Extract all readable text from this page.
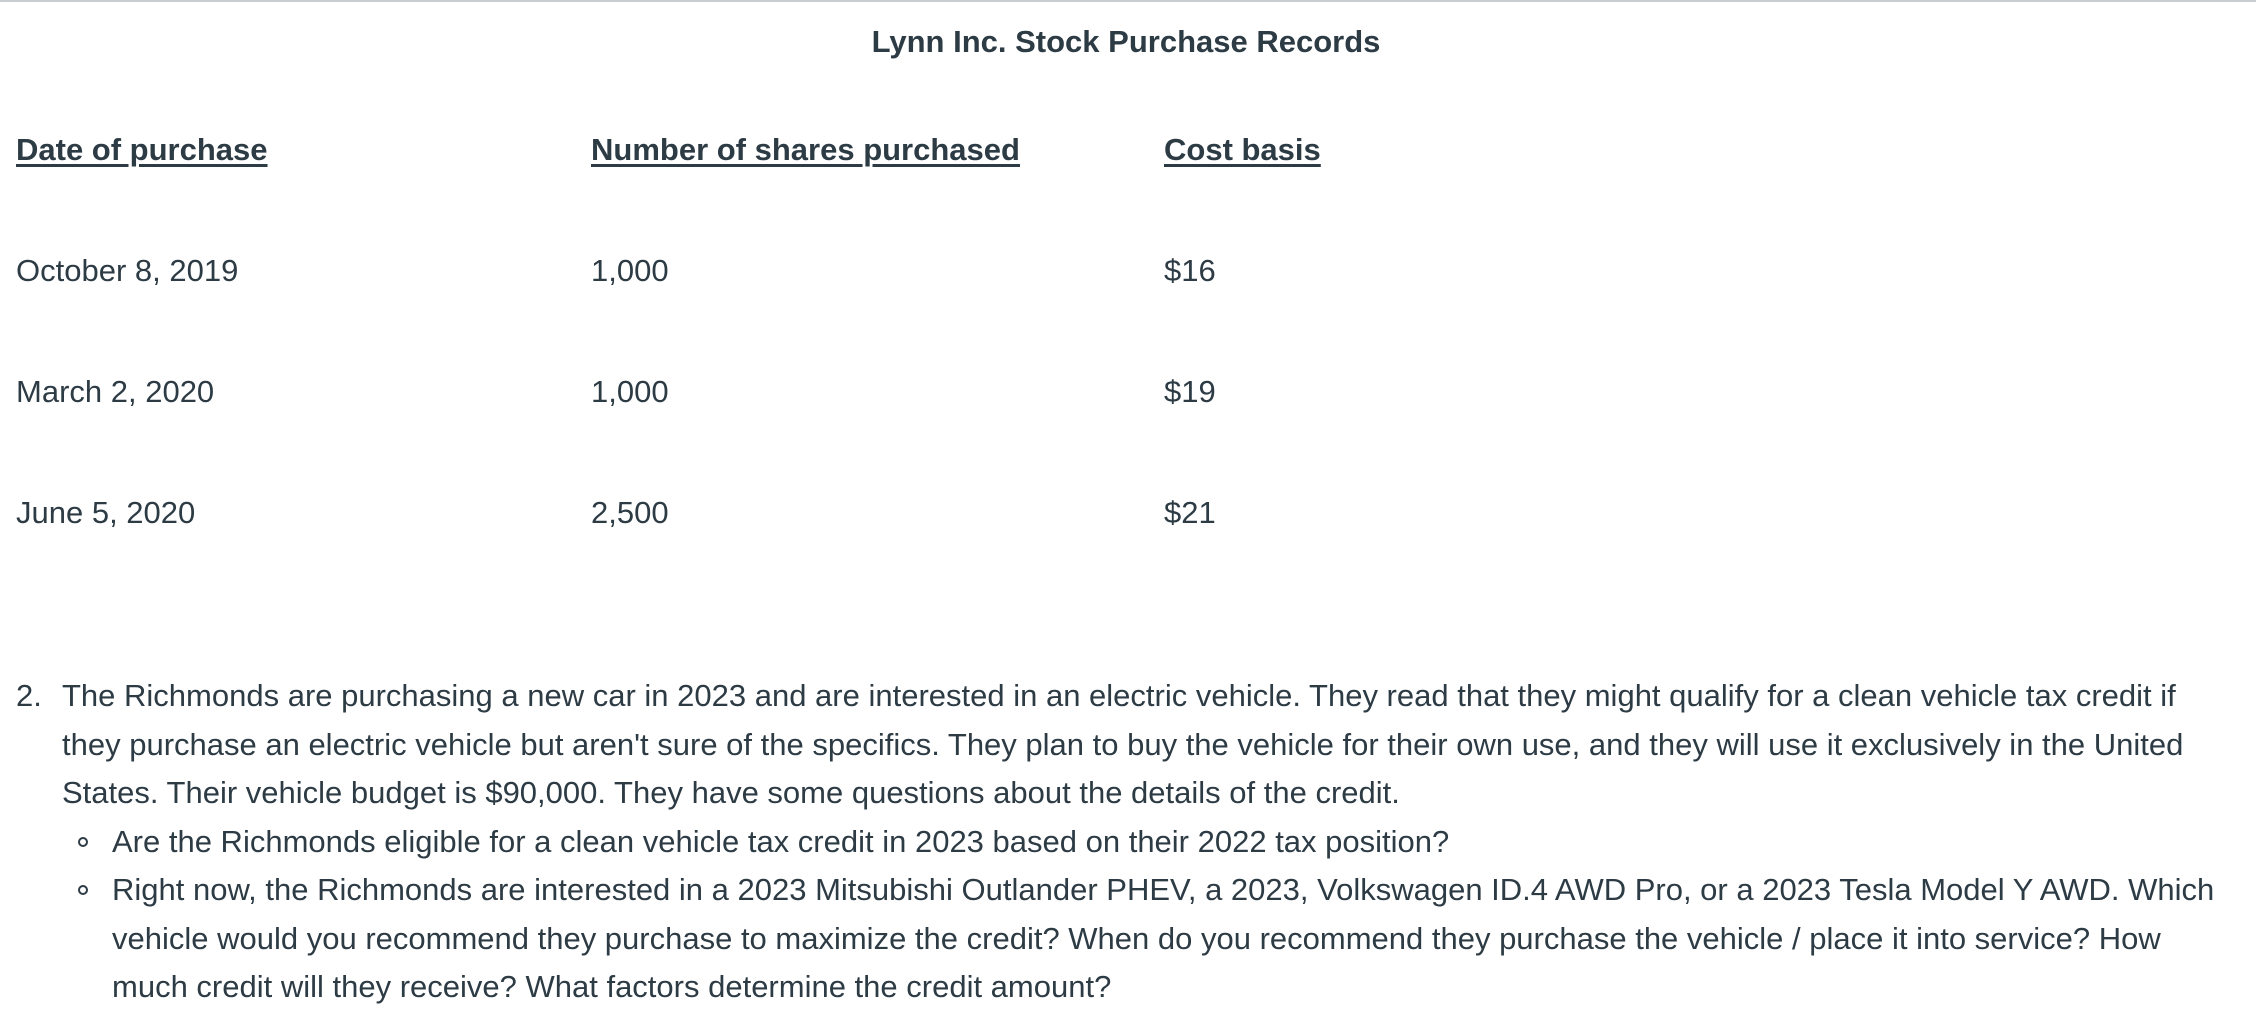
Lynn Inc. Stock Purchase Records
Date of purchase	Number of shares purchased	Cost basis
October 8, 2019	1,000	$16
March 2, 2020	1,000	$19
June 5, 2020	2,500	$21
2. The Richmonds are purchasing a new car in 2023 and are interested in an electric vehicle. They read that they might qualify for a clean vehicle tax credit if they purchase an electric vehicle but aren't sure of the specifics. They plan to buy the vehicle for their own use, and they will use it exclusively in the United States. Their vehicle budget is $90,000. They have some questions about the details of the credit.
Are the Richmonds eligible for a clean vehicle tax credit in 2023 based on their 2022 tax position?
Right now, the Richmonds are interested in a 2023 Mitsubishi Outlander PHEV, a 2023, Volkswagen ID.4 AWD Pro, or a 2023 Tesla Model Y AWD. Which vehicle would you recommend they purchase to maximize the credit? When do you recommend they purchase the vehicle / place it into service? How much credit will they receive? What factors determine the credit amount?
